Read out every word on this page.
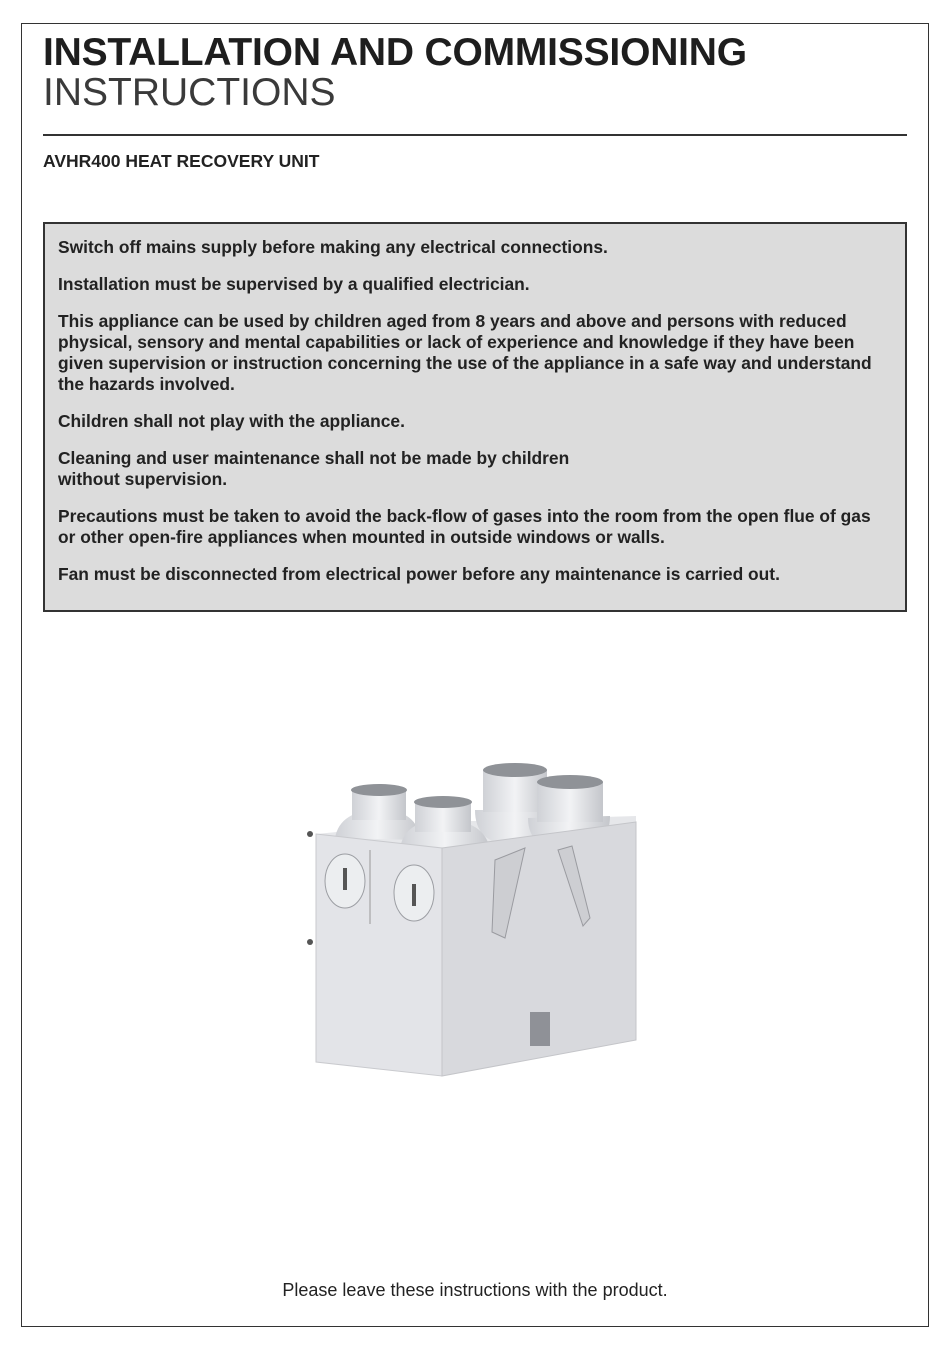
INSTALLATION AND COMMISSIONING
INSTRUCTIONS
AVHR400 HEAT RECOVERY UNIT

Switch off mains supply before making any electrical connections.

Installation must be supervised by a qualified electrician.

This appliance can be used by children aged from 8 years and above and persons with reduced physical, sensory and mental capabilities or lack of experience and knowledge if they have been given supervision or instruction concerning the use of the appliance in a safe way and understand the hazards involved.

Children shall not play with the appliance.

Cleaning and user maintenance shall not be made by children
without supervision.

Precautions must be taken to avoid the back-flow of gases into the room from the open flue of gas or other open-fire appliances when mounted in outside windows or walls.

Fan must be disconnected from electrical power before any maintenance is carried out.

Please leave these instructions with the product.
